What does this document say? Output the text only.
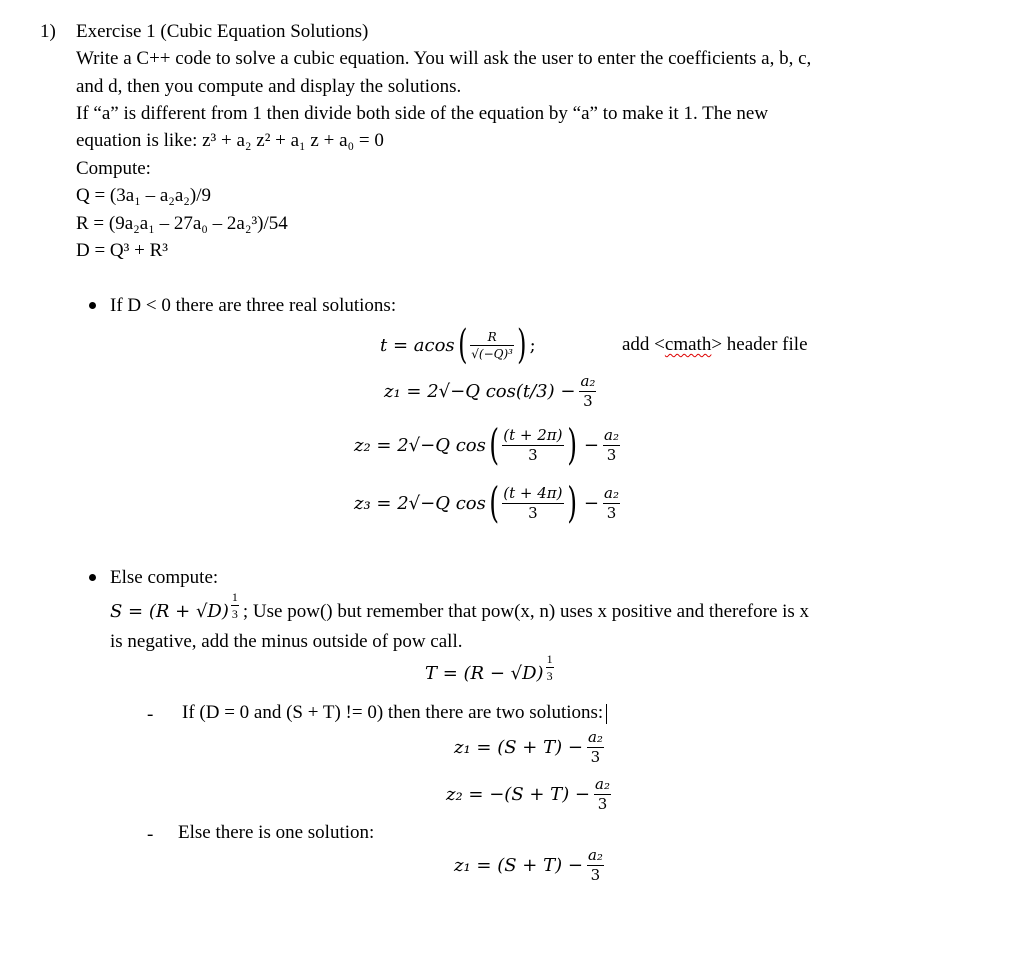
1) Exercise 1 (Cubic Equation Solutions)
Write a C++ code to solve a cubic equation. You will ask the user to enter the coefficients a, b, c,
and d, then you compute and display the solutions.
If “a” is different from 1 then divide both side of the equation by “a” to make it 1. The new
equation is like: z³ + a₂ z² + a₁ z + a₀ = 0
Compute:
Q = (3a₁ – a₂a₂)/9
R = (9a₂a₁ – 27a₀ – 2a₂³)/54
D = Q³ + R³
If D < 0 there are three real solutions:
t = acos ( $\frac{R}{\text{√(−Q)³}}$ ) ;	add <cmath> header file
z₁ = 2√−Q $\cos(t/3) - \frac{\text{a₂}}{3}$
z₂ = 2√−Q cos ( $\frac{(t + 2\pi)}{3}$ ) − $\frac{\text{a₂}}{3}$
z₃ = 2√−Q cos ( $\frac{(t + 4\pi)}{3}$ ) − $\frac{\text{a₂}}{3}$
Else compute:
$S = (R + √D) \frac{1}{3}$ ; Use pow() but remember that pow(x, n) uses x positive and therefore is x
is negative, add the minus outside of pow call.
$T = (R - √D) \frac{1}{3}$
- If (D = 0 and (S + T) != 0) then there are two solutions:
$z_1 = (S + T) - \frac{\text{a₂}}{3}$
$z_2 = -(S + T) - \frac{\text{a₂}}{3}$
- Else there is one solution:
$z_1 = (S + T) - \frac{\text{a₂}}{3}$
